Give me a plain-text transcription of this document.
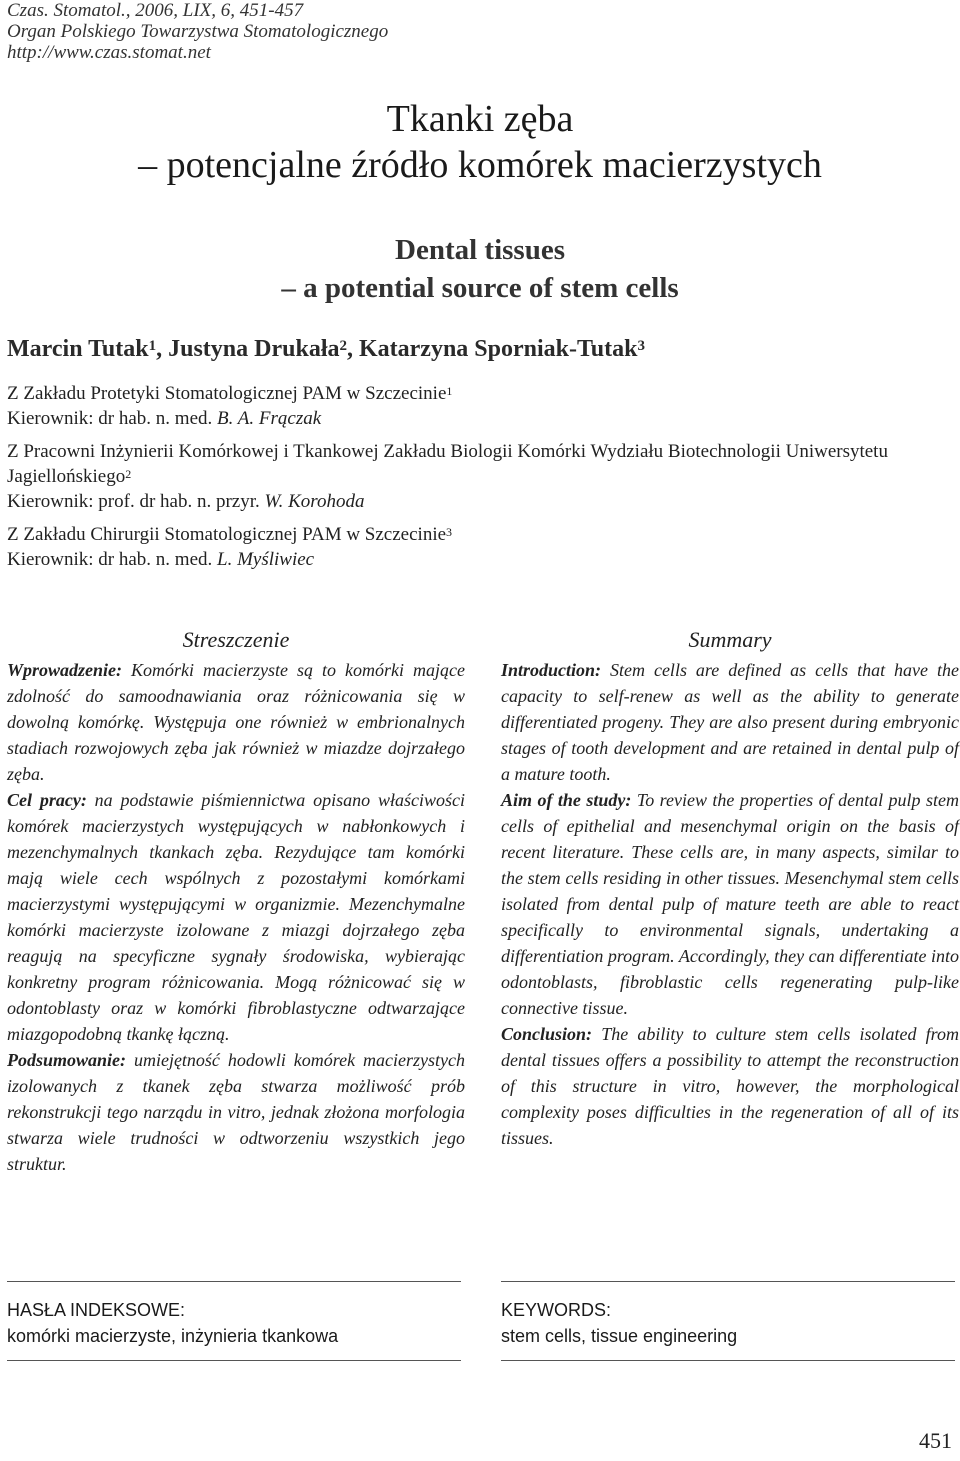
Czas. Stomatol., 2006, LIX, 6, 451-457
Organ Polskiego Towarzystwa Stomatologicznego
http://www.czas.stomat.net
Tkanki zęba
– potencjalne źródło komórek macierzystych
Dental tissues
– a potential source of stem cells
Marcin Tutak$^1$, Justyna Drukała$^2$, Katarzyna Sporniak-Tutak$^3$
Z Zakładu Protetyki Stomatologicznej PAM w Szczecinie$^1$
Kierownik: dr hab. n. med. B. A. Frączak
Z Pracowni Inżynierii Komórkowej i Tkankowej Zakładu Biologii Komórki Wydziału Biotechnologii Uniwersytetu Jagiellońskiego$^2$
Kierownik: prof. dr hab. n. przyr. W. Korohoda
Z Zakładu Chirurgii Stomatologicznej PAM w Szczecinie$^3$
Kierownik: dr hab. n. med. L. Myśliwiec
Streszczenie

Wprowadzenie: Komórki macierzyste są to komórki mające zdolność do samoodnawiania oraz różnicowania się w dowolną komórkę. Występuja one również w embrionalnych stadiach rozwojowych zęba jak również w miazdze dojrzałego zęba.

Cel pracy: na podstawie piśmiennictwa opisano właściwości komórek macierzystych występujących w nabłonkowych i mezenchymalnych tkankach zęba. Rezydujące tam komórki mają wiele cech wspólnych z pozostałymi komórkami macierzystymi występującymi w organizmie. Mezenchymalne komórki macierzyste izolowane z miazgi dojrzałego zęba reagują na specyficzne sygnały środowiska, wybierając konkretny program różnicowania. Mogą różnicować się w odontoblasty oraz w komórki fibroblastyczne odtwarzające miazgopodobną tkankę łączną.

Podsumowanie: umiejętność hodowli komórek macierzystych izolowanych z tkanek zęba stwarza możliwość prób rekonstrukcji tego narządu in vitro, jednak złożona morfologia stwarza wiele trudności w odtworzeniu wszystkich jego struktur.

Summary

Introduction: Stem cells are defined as cells that have the capacity to self-renew as well as the ability to generate differentiated progeny. They are also present during embryonic stages of tooth development and are retained in dental pulp of a mature tooth.

Aim of the study: To review the properties of dental pulp stem cells of epithelial and mesenchymal origin on the basis of recent literature. These cells are, in many aspects, similar to the stem cells residing in other tissues. Mesenchymal stem cells isolated from dental pulp of mature teeth are able to react specifically to environmental signals, undertaking a differentiation program. Accordingly, they can differentiate into odontoblasts, fibroblastic cells regenerating pulp-like connective tissue.

Conclusion: The ability to culture stem cells isolated from dental tissues offers a possibility to attempt the reconstruction of this structure in vitro, however, the morphological complexity poses difficulties in the regeneration of all of its tissues.

HASŁA INDEKSOWE:
komórki macierzyste, inżynieria tkankowa
KEYWORDS:
stem cells, tissue engineering
451
